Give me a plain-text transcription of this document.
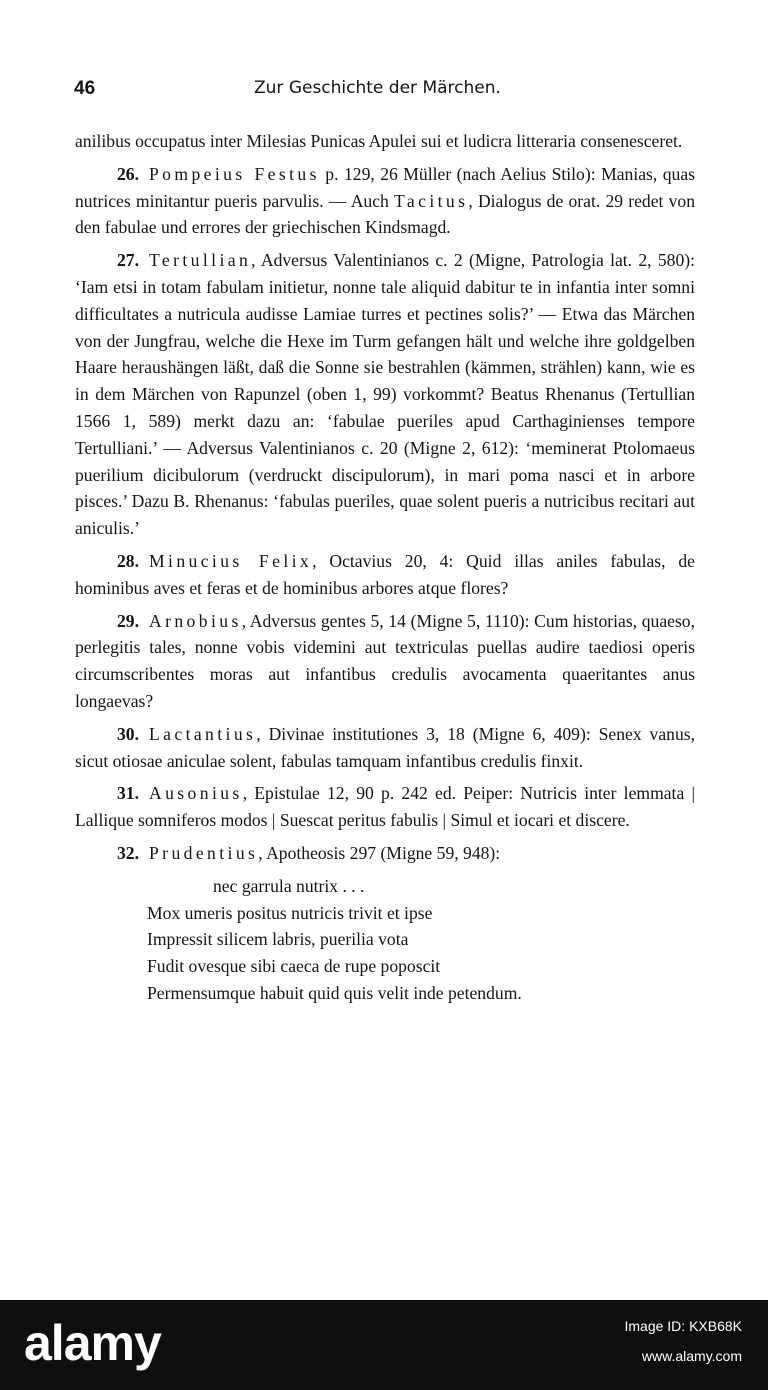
46	Zur Geschichte der Märchen.

anilibus occupatus inter Milesias Punicas Apulei sui et ludicra litteraria consenesceret.

26. Pompeius Festus p. 129, 26 Müller (nach Aelius Stilo): Manias, quas nutrices minitantur pueris parvulis. — Auch Tacitus, Dialogus de orat. 29 redet von den fabulae und errores der griechischen Kindsmagd.

27. Tertullian, Adversus Valentinianos c. 2 (Migne, Patrologia lat. 2, 580): ‘Iam etsi in totam fabulam initietur, nonne tale aliquid dabitur te in infantia inter somni difficultates a nutricula audisse Lamiae turres et pectines solis?’ — Etwa das Märchen von der Jungfrau, welche die Hexe im Turm gefangen hält und welche ihre goldgelben Haare heraushängen läßt, daß die Sonne sie bestrahlen (kämmen, strählen) kann, wie es in dem Märchen von Rapunzel (oben 1, 99) vorkommt? Beatus Rhenanus (Tertullian 1566 1, 589) merkt dazu an: ‘fabulae pueriles apud Carthaginienses tempore Tertulliani.’ — Adversus Valentinianos c. 20 (Migne 2, 612): ‘meminerat Ptolomaeus puerilium dicibulorum (verdruckt discipulorum), in mari poma nasci et in arbore pisces.’ Dazu B. Rhenanus: ‘fabulas pueriles, quae solent pueris a nutricibus recitari aut aniculis.’

28. Minucius Felix, Octavius 20, 4: Quid illas aniles fabulas, de hominibus aves et feras et de hominibus arbores atque flores?

29. Arnobius, Adversus gentes 5, 14 (Migne 5, 1110): Cum historias, quaeso, perlegitis tales, nonne vobis videmini aut textriculas puellas audire taediosi operis circumscribentes moras aut infantibus credulis avocamenta quaeritantes anus longaevas?

30. Lactantius, Divinae institutiones 3, 18 (Migne 6, 409): Senex vanus, sicut otiosae aniculae solent, fabulas tamquam infantibus credulis finxit.

31. Ausonius, Epistulae 12, 90 p. 242 ed. Peiper: Nutricis inter lemmata | Lallique somniferos modos | Suescat peritus fabulis | Simul et iocari et discere.

32. Prudentius, Apotheosis 297 (Migne 59, 948):

nec garrula nutrix . . .
Mox umeris positus nutricis trivit et ipse
Impressit silicem labris, puerilia vota
Fudit ovesque sibi caeca de rupe poposcit
Permensumque habuit quid quis velit inde petendum.
alamy	Image ID: KXB68K
www.alamy.com
